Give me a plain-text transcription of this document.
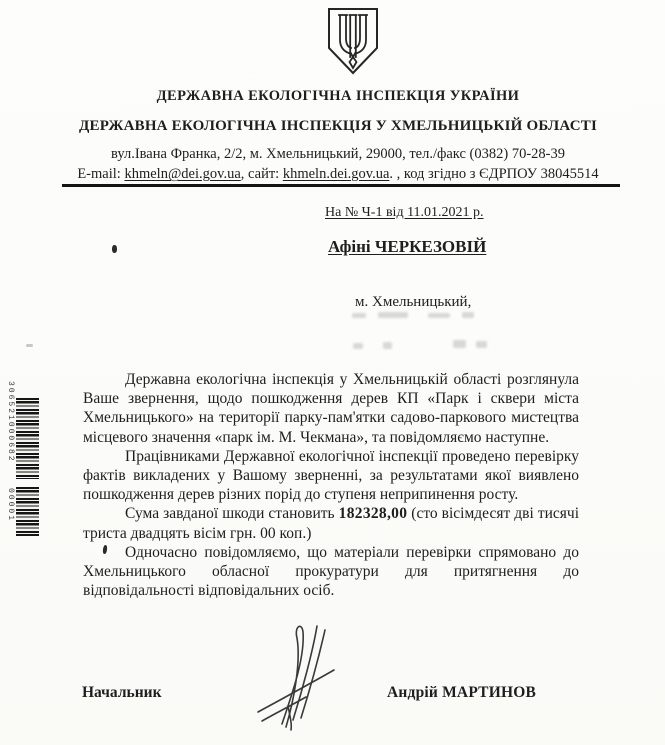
ДЕРЖАВНА ЕКОЛОГІЧНА ІНСПЕКЦІЯ УКРАЇНИ
ДЕРЖАВНА ЕКОЛОГІЧНА ІНСПЕКЦІЯ У ХМЕЛЬНИЦЬКІЙ ОБЛАСТІ
вул.Івана Франка, 2/2, м. Хмельницький, 29000, тел./факс (0382) 70-28-39
E-mail: khmeln@dei.gov.ua, сайт: khmeln.dei.gov.ua. , код згідно з ЄДРПОУ 38045514
На № Ч-1 від 11.01.2021 р.
Афіні ЧЕРКЕЗОВІЙ
м. Хмельницький,

Державна екологічна інспекція у Хмельницькій області розглянула Ваше звернення, щодо пошкодження дерев КП «Парк і сквери міста Хмельницького» на території парку-пам'ятки садово-паркового мистецтва місцевого значення «парк ім. М. Чекмана», та повідомляємо наступне.

Працівниками Державної екологічної інспекції проведено перевірку фактів викладених у Вашому зверненні, за результатами якої виявлено пошкодження дерев різних порід до ступеня неприпинення росту.

Сума завданої шкоди становить 182328,00 (сто вісімдесят дві тисячі триста двадцять вісім грн. 00 коп.)

Одночасно повідомляємо, що матеріали перевірки спрямовано до Хмельницького обласної прокуратури для притягнення до відповідальності відповідальних осіб.

Начальник	Андрій МАРТИНОВ
306521000682
00001
